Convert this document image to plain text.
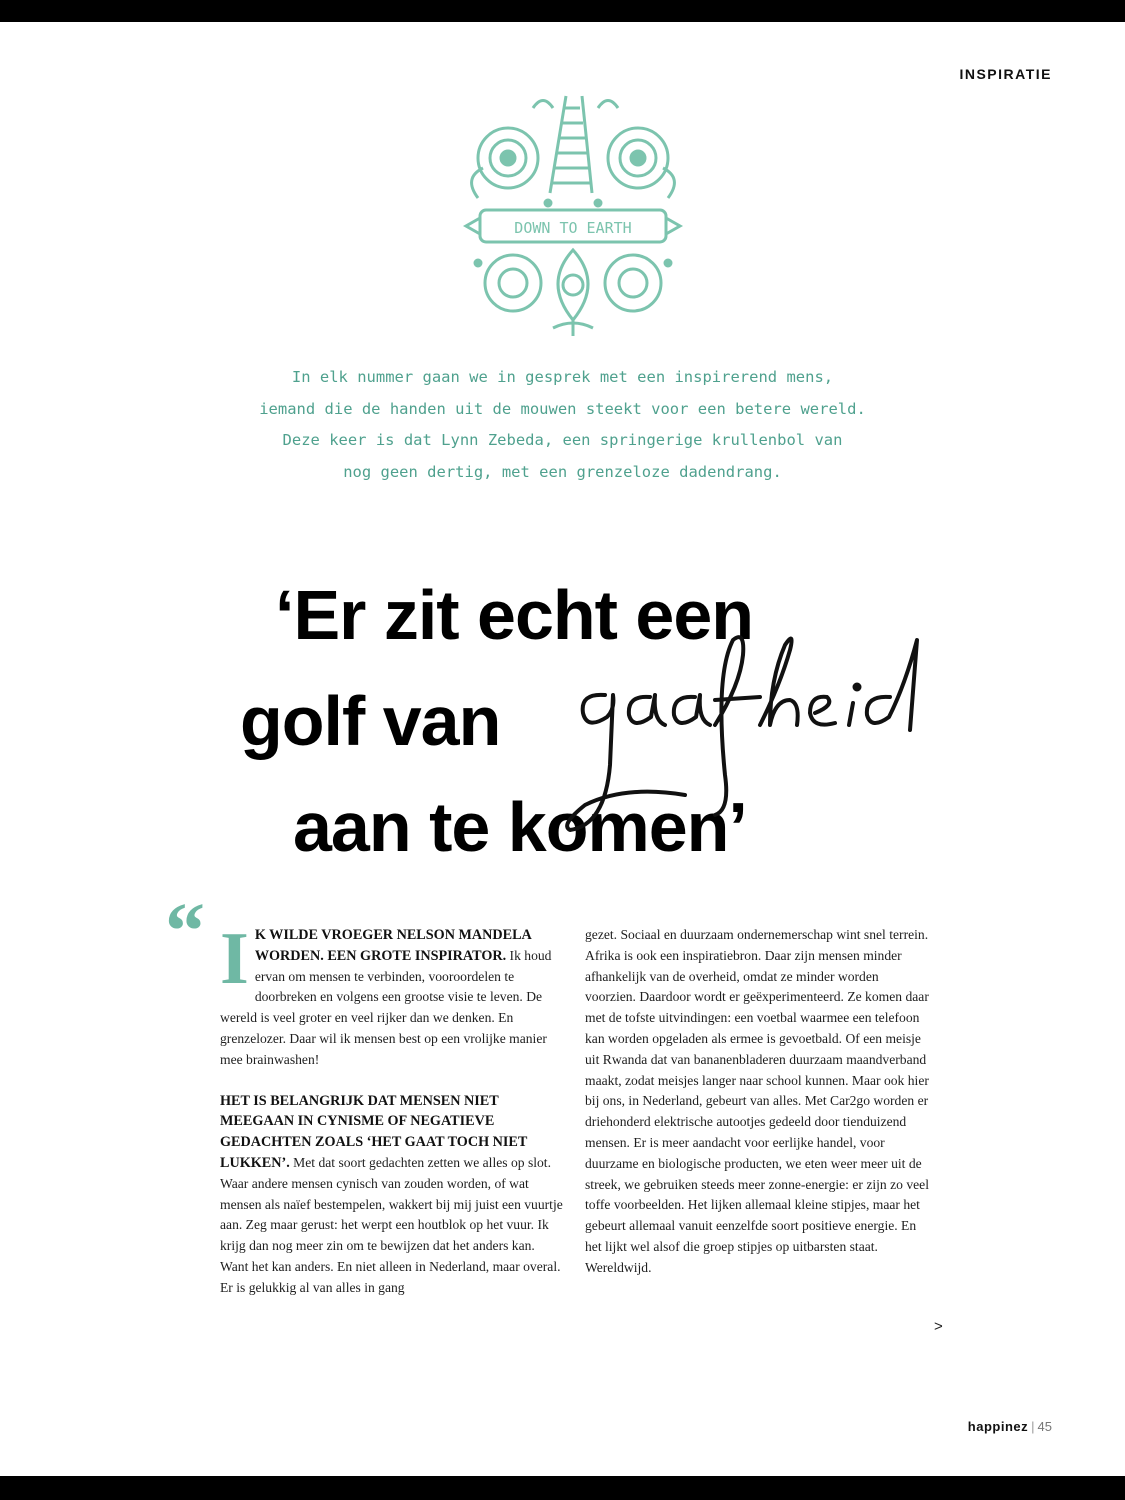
INSPIRATIE
DOWN TO EARTH
In elk nummer gaan we in gesprek met een inspirerend mens,
iemand die de handen uit de mouwen steekt voor een betere wereld.
Deze keer is dat Lynn Zebeda, een springerige krullenbol van
nog geen dertig, met een grenzeloze dadendrang.
‘Er zit echt een
golf van
aan te komen’
“ IK WILDE VROEGER NELSON MANDELA WORDEN. EEN GROTE INSPIRATOR. Ik houd ervan om mensen te verbinden, vooroordelen te doorbreken en volgens een grootse visie te leven. De wereld is veel groter en veel rijker dan we denken. En grenzelozer. Daar wil ik mensen best op een vrolijke manier mee brainwashen!

HET IS BELANGRIJK DAT MENSEN NIET MEEGAAN IN CYNISME OF NEGATIEVE GEDACHTEN ZOALS ‘HET GAAT TOCH NIET LUKKEN’. Met dat soort gedachten zetten we alles op slot. Waar andere mensen cynisch van zouden worden, of wat mensen als naïef bestempelen, wakkert bij mij juist een vuurtje aan. Zeg maar gerust: het werpt een houtblok op het vuur. Ik krijg dan nog meer zin om te bewijzen dat het anders kan. Want het kan anders. En niet alleen in Nederland, maar overal. Er is gelukkig al van alles in gang

gezet. Sociaal en duurzaam ondernemerschap wint snel terrein. Afrika is ook een inspiratiebron. Daar zijn mensen minder afhankelijk van de overheid, omdat ze minder worden voorzien. Daardoor wordt er geëxperimenteerd. Ze komen daar met de tofste uitvindingen: een voetbal waarmee een telefoon kan worden opgeladen als ermee is gevoetbald. Of een meisje uit Rwanda dat van bananenbladeren duurzaam maandverband maakt, zodat meisjes langer naar school kunnen. Maar ook hier bij ons, in Nederland, gebeurt van alles. Met Car2go worden er driehonderd elektrische autootjes gedeeld door tienduizend mensen. Er is meer aandacht voor eerlijke handel, voor duurzame en biologische producten, we eten weer meer uit de streek, we gebruiken steeds meer zonne-energie: er zijn zo veel toffe voorbeelden. Het lijken allemaal kleine stipjes, maar het gebeurt allemaal vanuit eenzelfde soort positieve energie. En het lijkt wel alsof die groep stipjes op uitbarsten staat. Wereldwijd.

>
happinez | 45
